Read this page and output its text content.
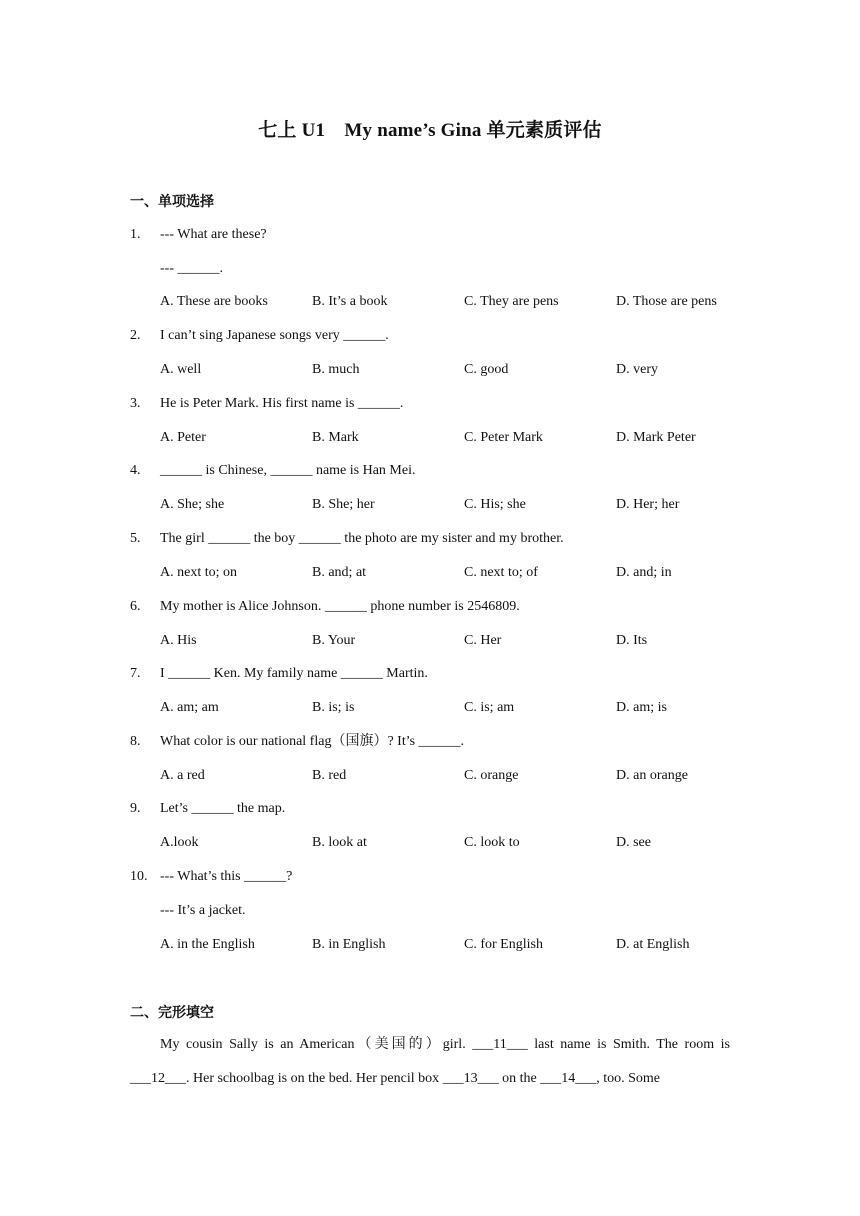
七上 U1　My name’s Gina 单元素质评估
一、单项选择
1. --- What are these?
--- ______.
A. These are books	B. It’s a book	C. They are pens	D. Those are pens
2. I can’t sing Japanese songs very ______.
A. well	B. much	C. good	D. very
3. He is Peter Mark. His first name is ______.
A. Peter	B. Mark	C. Peter Mark	D. Mark Peter
4. ______ is Chinese, ______ name is Han Mei.
A. She; she	B. She; her	C. His; she	D. Her; her
5. The girl ______ the boy ______ the photo are my sister and my brother.
A. next to; on	B. and; at	C. next to; of	D. and; in
6. My mother is Alice Johnson. ______ phone number is 2546809.
A. His	B. Your	C. Her	D. Its
7. I ______ Ken. My family name ______ Martin.
A. am; am	B. is; is	C. is; am	D. am; is
8. What color is our national flag（国旗）? It’s ______.
A. a red	B. red	C. orange	D. an orange
9. Let’s ______ the map.
A.look	B. look at	C. look to	D. see
10. --- What’s this ______?
--- It’s a jacket.
A. in the English	B. in English	C. for English	D. at English
二、完形填空
My cousin Sally is an American（美国的）girl. ___11___ last name is Smith. The room is ___12___. Her schoolbag is on the bed. Her pencil box ___13___ on the ___14___, too. Some
